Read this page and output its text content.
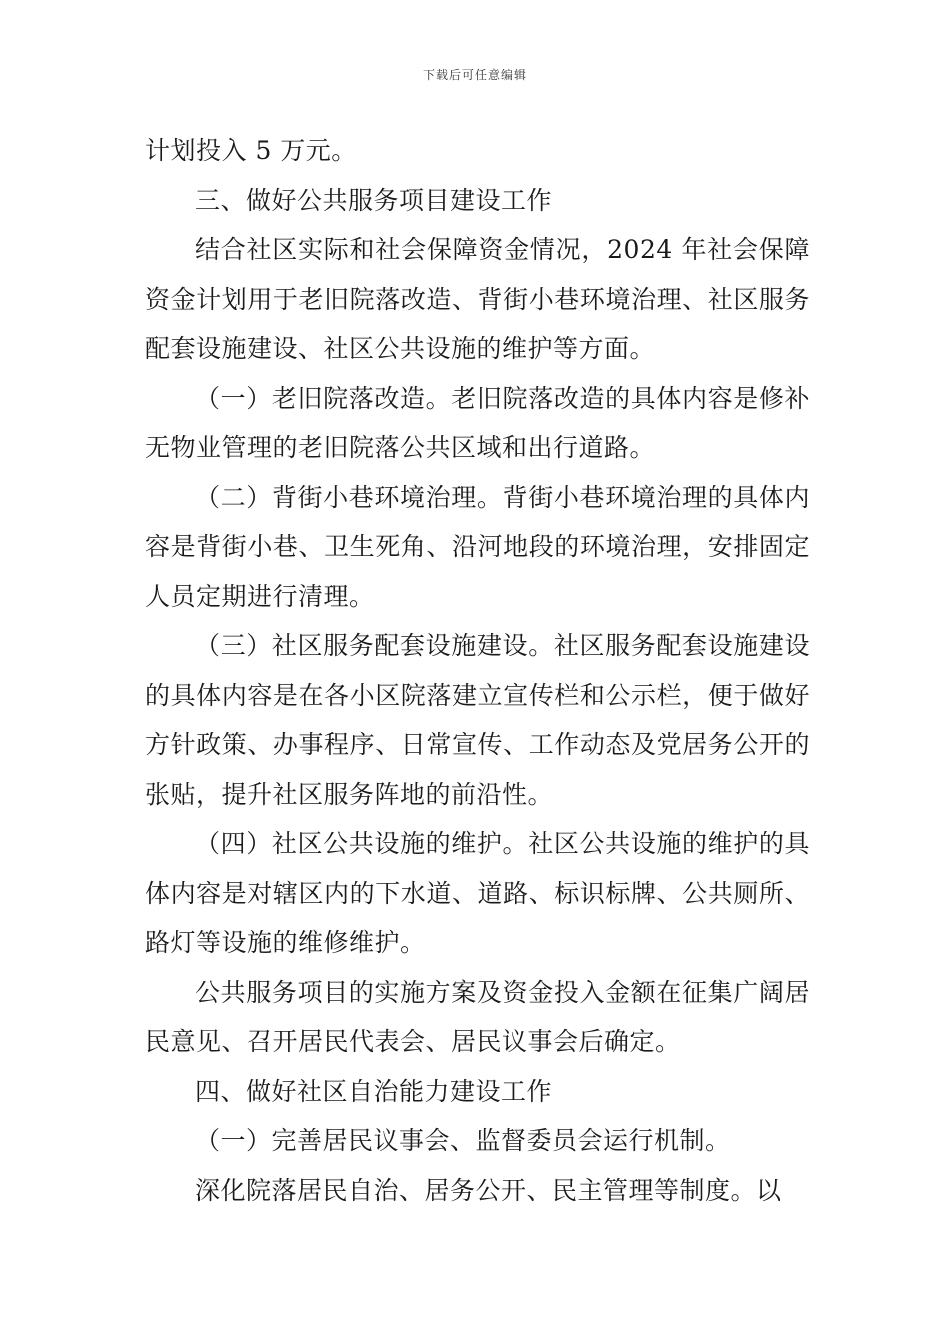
下载后可任意编辑

计划投入 5 万元。

三、做好公共服务项目建设工作

结合社区实际和社会保障资金情况，2024 年社会保障资金计划用于老旧院落改造、背街小巷环境治理、社区服务配套设施建设、社区公共设施的维护等方面。

（一）老旧院落改造。老旧院落改造的具体内容是修补无物业管理的老旧院落公共区域和出行道路。

（二）背街小巷环境治理。背街小巷环境治理的具体内容是背街小巷、卫生死角、沿河地段的环境治理，安排固定人员定期进行清理。

（三）社区服务配套设施建设。社区服务配套设施建设的具体内容是在各小区院落建立宣传栏和公示栏，便于做好方针政策、办事程序、日常宣传、工作动态及党居务公开的张贴，提升社区服务阵地的前沿性。

（四）社区公共设施的维护。社区公共设施的维护的具体内容是对辖区内的下水道、道路、标识标牌、公共厕所、路灯等设施的维修维护。

公共服务项目的实施方案及资金投入金额在征集广阔居民意见、召开居民代表会、居民议事会后确定。

四、做好社区自治能力建设工作

（一）完善居民议事会、监督委员会运行机制。

深化院落居民自治、居务公开、民主管理等制度。以
